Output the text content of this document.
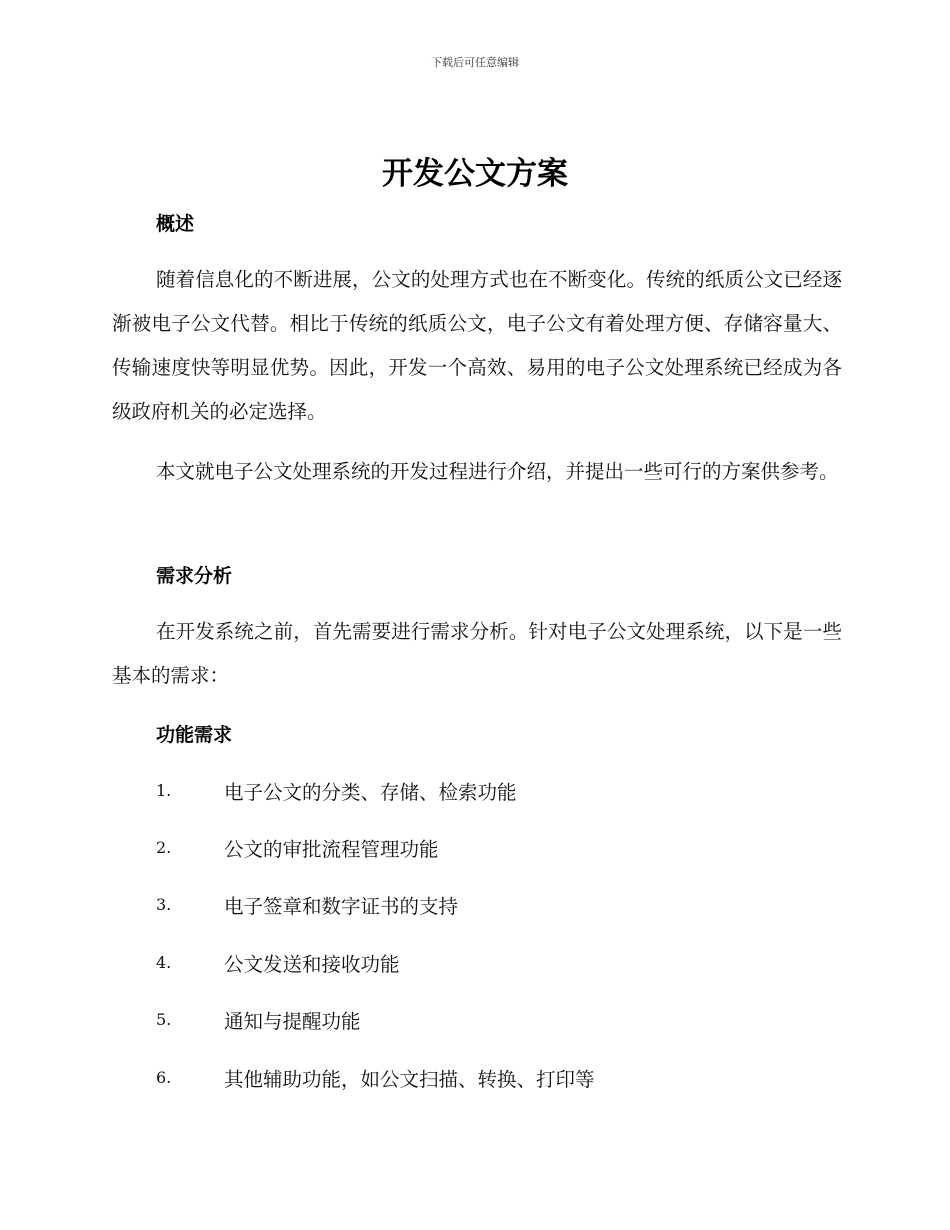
下载后可任意编辑
开发公文方案
概述

随着信息化的不断进展，公文的处理方式也在不断变化。传统的纸质公文已经逐渐被电子公文代替。相比于传统的纸质公文，电子公文有着处理方便、存储容量大、传输速度快等明显优势。因此，开发一个高效、易用的电子公文处理系统已经成为各级政府机关的必定选择。

本文就电子公文处理系统的开发过程进行介绍，并提出一些可行的方案供参考。

需求分析

在开发系统之前，首先需要进行需求分析。针对电子公文处理系统，以下是一些基本的需求：

功能需求
1.	电子公文的分类、存储、检索功能
2.	公文的审批流程管理功能
3.	电子签章和数字证书的支持
4.	公文发送和接收功能
5.	通知与提醒功能
6.	其他辅助功能，如公文扫描、转换、打印等
